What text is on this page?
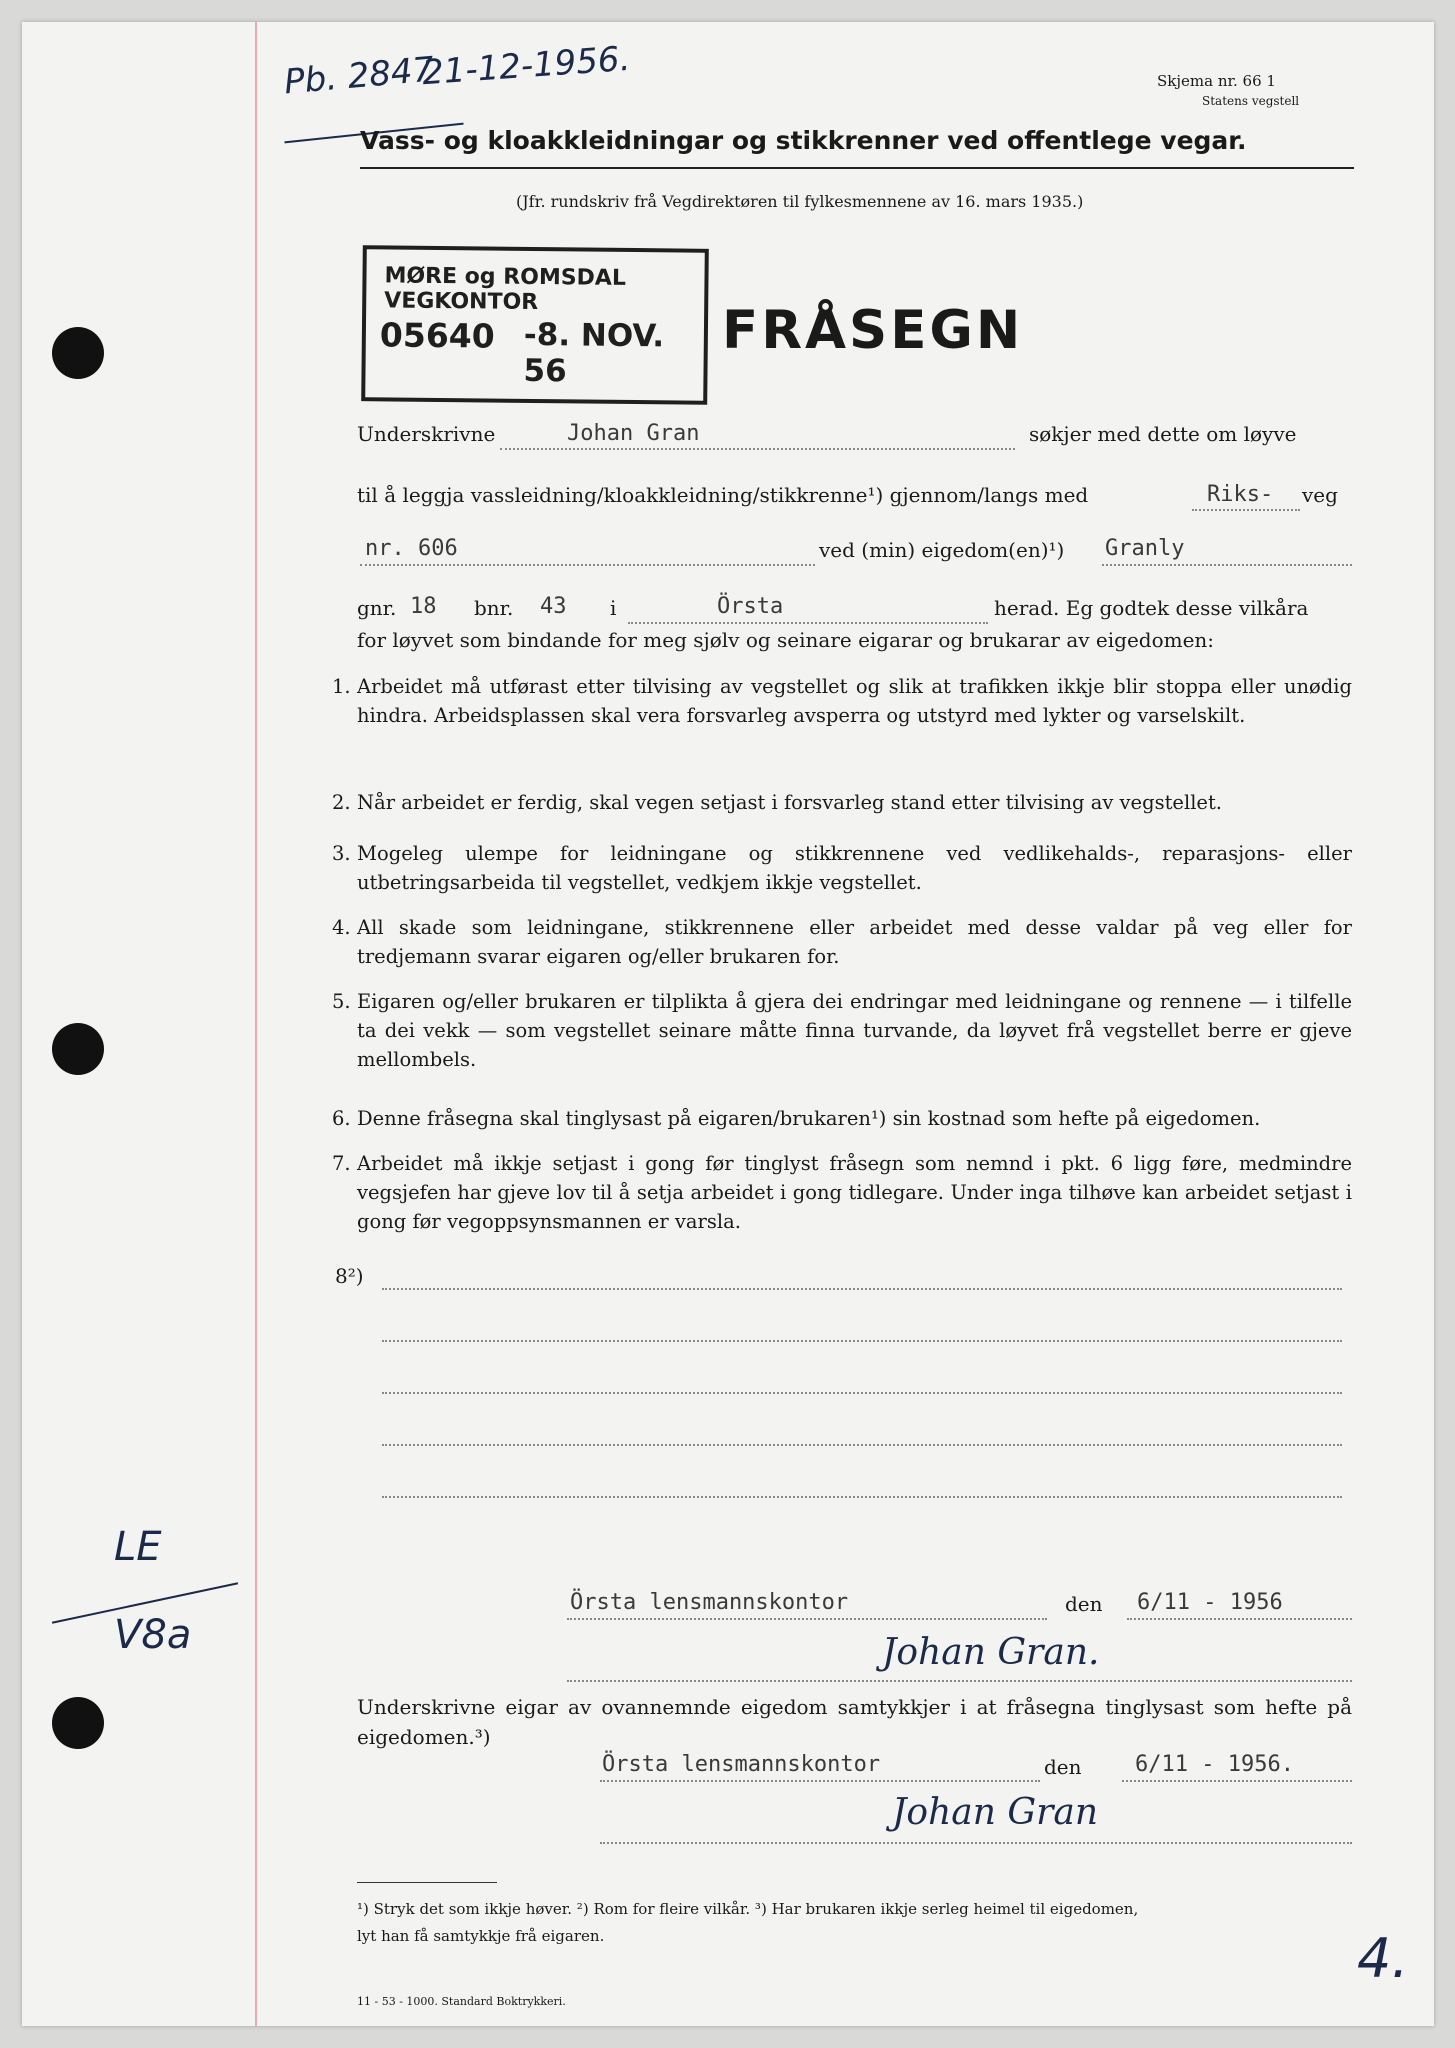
Pb. 2847
21-12-1956.	Skjema nr. 66 1
Statens vegstell
Vass- og kloakkleidningar og stikkrenner ved offentlege vegar.
(Jfr. rundskriv frå Vegdirektøren til fylkesmennene av 16. mars 1935.)
MØRE og ROMSDAL VEGKONTOR
05640 -8. NOV. 56
FRÅSEGN
Underskrivne	Johan Gran	søkjer med dette om løyve
til å leggja vassleidning/kloakkleidning/stikkrenne¹) gjennom/langs med	Riks- veg
nr. 606	ved (min) eigedom(en)¹) Granly
gnr. 18 bnr. 43 i	Örsta	herad. Eg godtek desse vilkåra
for løyvet som bindande for meg sjølv og seinare eigarar og brukarar av eigedomen:
1. Arbeidet må utførast etter tilvising av vegstellet og slik at trafikken ikkje blir stoppa eller unødig hindra. Arbeidsplassen skal vera forsvarleg avsperra og utstyrd med lykter og varselskilt.
2. Når arbeidet er ferdig, skal vegen setjast i forsvarleg stand etter tilvising av vegstellet.
3. Mogeleg ulempe for leidningane og stikkrennene ved vedlikehalds-, reparasjons- eller utbetringsarbeida til vegstellet, vedkjem ikkje vegstellet.
4. All skade som leidningane, stikkrennene eller arbeidet med desse valdar på veg eller for tredjemann svarar eigaren og/eller brukaren for.
5. Eigaren og/eller brukaren er tilplikta å gjera dei endringar med leidningane og rennene — i tilfelle ta dei vekk — som vegstellet seinare måtte finna turvande, da løyvet frå vegstellet berre er gjeve mellombels.
6. Denne fråsegna skal tinglysast på eigaren/brukaren¹) sin kostnad som hefte på eigedomen.
7. Arbeidet må ikkje setjast i gong før tinglyst fråsegn som nemnd i pkt. 6 ligg føre, medmindre vegsjefen har gjeve lov til å setja arbeidet i gong tidlegare. Under inga tilhøve kan arbeidet setjast i gong før vegoppsynsmannen er varsla.
8²)
LE
V8a
Örsta lensmannskontor	den 6/11 - 1956
Johan Gran.
Underskrivne eigar av ovannemnde eigedom samtykkjer i at fråsegna tinglysast som hefte på eigedomen.³)
Örsta lensmannskontor	den 6/11 - 1956.
Johan Gran
¹) Stryk det som ikkje høver. ²) Rom for fleire vilkår. ³) Har brukaren ikkje serleg heimel til eigedomen,
lyt han få samtykkje frå eigaren.
11 - 53 - 1000. Standard Boktrykkeri.
4.
